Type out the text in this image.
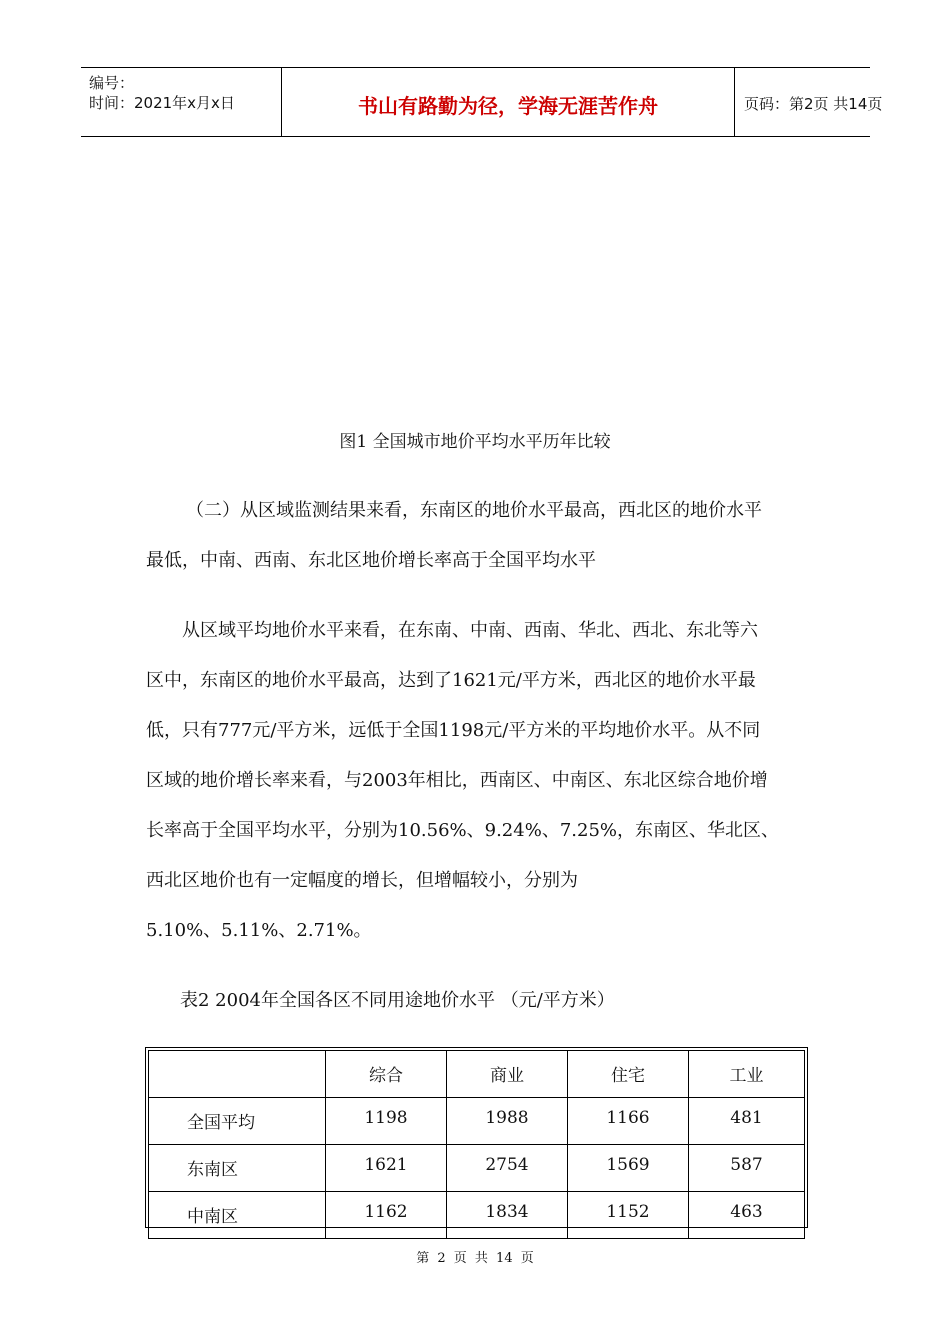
编号：
时间：2021年x月x日	书山有路勤为径，学海无涯苦作舟	页码：第2页 共14页
图1 全国城市地价平均水平历年比较
（二）从区域监测结果来看，东南区的地价水平最高，西北区的地价水平
最低，中南、西南、东北区地价增长率高于全国平均水平
从区域平均地价水平来看，在东南、中南、西南、华北、西北、东北等六
区中，东南区的地价水平最高，达到了1621元/平方米，西北区的地价水平最
低，只有777元/平方米，远低于全国1198元/平方米的平均地价水平。从不同
区域的地价增长率来看，与2003年相比，西南区、中南区、东北区综合地价增
长率高于全国平均水平，分别为10.56%、9.24%、7.25%，东南区、华北区、
西北区地价也有一定幅度的增长，但增幅较小，分别为
5.10%、5.11%、2.71%。
表2 2004年全国各区不同用途地价水平 （元/平方米）
	综合	商业	住宅	工业
全国平均	1198	1988	1166	481
东南区	1621	2754	1569	587
中南区	1162	1834	1152	463
第 2 页 共 14 页
